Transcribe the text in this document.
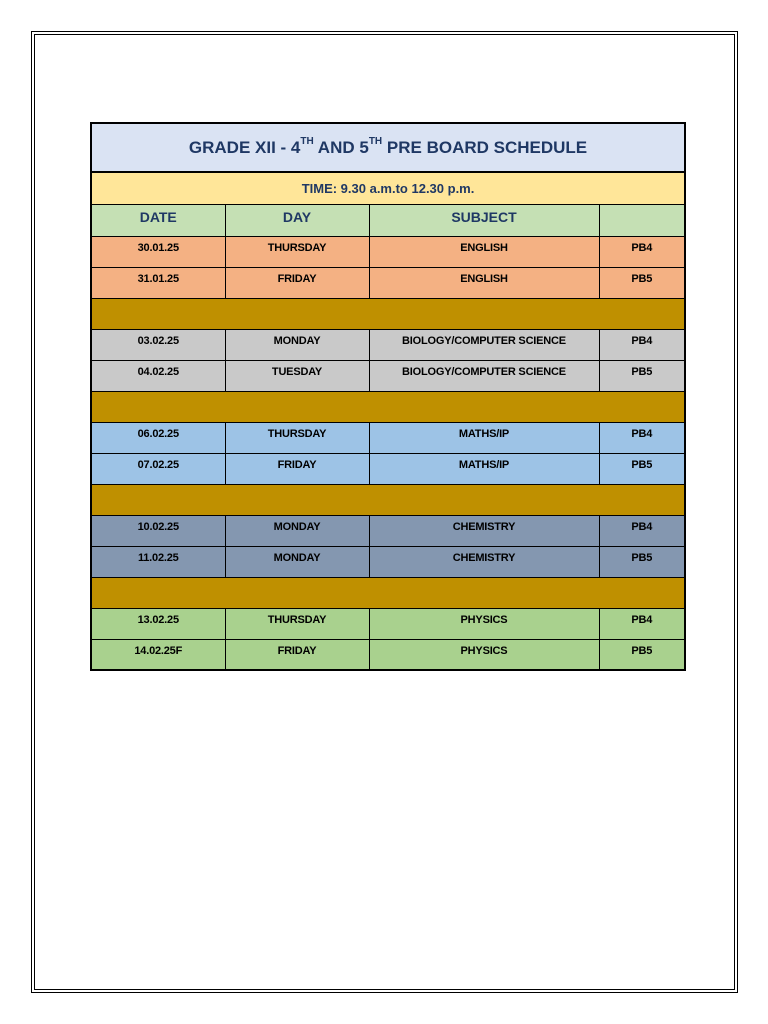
GRADE XII - 4TH AND 5TH PRE BOARD SCHEDULE			
TIME: 9.30 a.m.to 12.30 p.m.			
DATE	DAY	SUBJECT	
30.01.25	THURSDAY	ENGLISH	PB4
31.01.25	FRIDAY	ENGLISH	PB5

03.02.25	MONDAY	BIOLOGY/COMPUTER SCIENCE	PB4
04.02.25	TUESDAY	BIOLOGY/COMPUTER SCIENCE	PB5

06.02.25	THURSDAY	MATHS/IP	PB4
07.02.25	FRIDAY	MATHS/IP	PB5

10.02.25	MONDAY	CHEMISTRY	PB4
11.02.25	MONDAY	CHEMISTRY	PB5

13.02.25	THURSDAY	PHYSICS	PB4
14.02.25F	FRIDAY	PHYSICS	PB5
